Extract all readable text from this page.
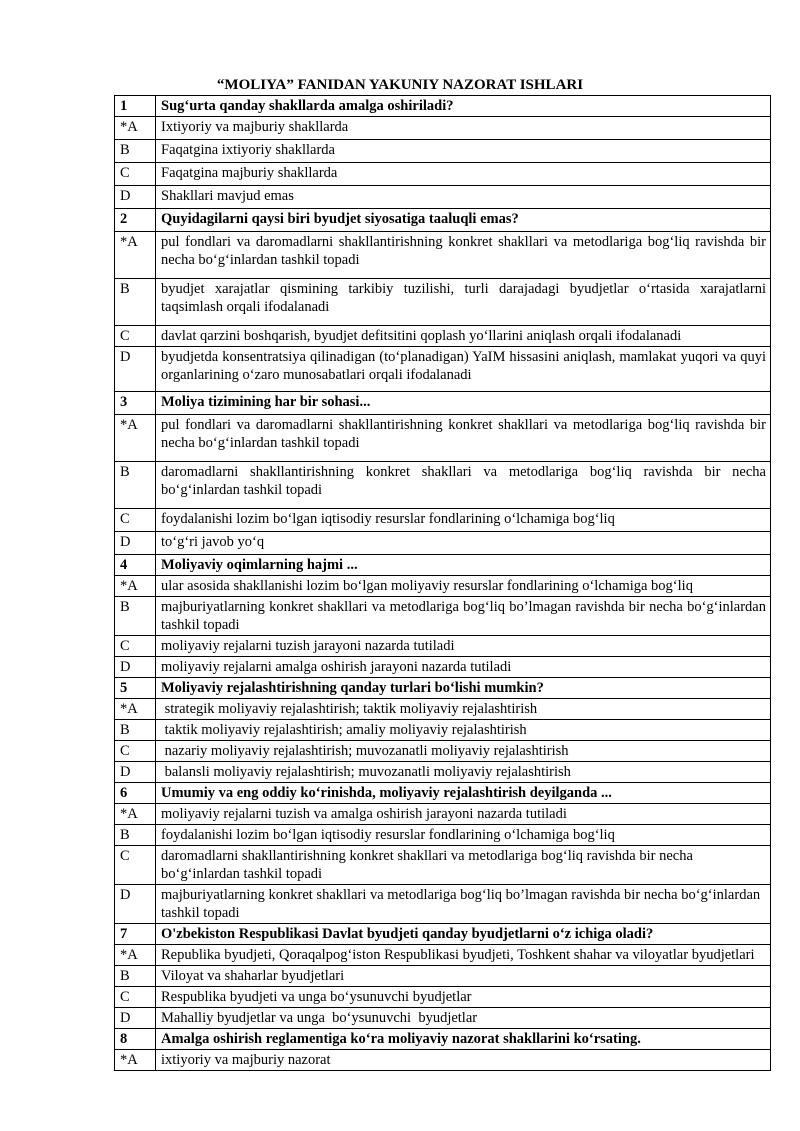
“MOLIYA” FANIDAN YAKUNIY NAZORAT ISHLARI
1	Sug‘urta qanday shakllarda amalga oshiriladi?
*A	Ixtiyoriy va majburiy shakllarda
B	Faqatgina ixtiyoriy shakllarda
C	Faqatgina majburiy shakllarda
D	Shakllari mavjud emas
2	Quyidagilarni qaysi biri byudjet siyosatiga taaluqli emas?
*A	pul fondlari va daromadlarni shakllantirishning konkret shakllari va metodlariga bog‘liq ravishda bir necha bo‘g‘inlardan tashkil topadi
B	byudjet xarajatlar qismining tarkibiy tuzilishi, turli darajadagi byudjetlar o‘rtasida xarajatlarni taqsimlash orqali ifodalanadi
C	davlat qarzini boshqarish, byudjet defitsitini qoplash yo‘llarini aniqlash orqali ifodalanadi
D	byudjetda konsentratsiya qilinadigan (to‘planadigan) YaIM hissasini aniqlash, mamlakat yuqori va quyi organlarining o‘zaro munosabatlari orqali ifodalanadi
3	Moliya tizimining har bir sohasi...
*A	pul fondlari va daromadlarni shakllantirishning konkret shakllari va metodlariga bog‘liq ravishda bir necha bo‘g‘inlardan tashkil topadi
B	daromadlarni shakllantirishning konkret shakllari va metodlariga bog‘liq ravishda bir necha bo‘g‘inlardan tashkil topadi
C	foydalanishi lozim bo‘lgan iqtisodiy resurslar fondlarining o‘lchamiga bog‘liq
D	to‘g‘ri javob yo‘q
4	Moliyaviy oqimlarning hajmi ...
*A	ular asosida shakllanishi lozim bo‘lgan moliyaviy resurslar fondlarining o‘lchamiga bog‘liq
B	majburiyatlarning konkret shakllari va metodlariga bog‘liq bo’lmagan ravishda bir necha bo‘g‘inlardan tashkil topadi
C	moliyaviy rejalarni tuzish jarayoni nazarda tutiladi
D	moliyaviy rejalarni amalga oshirish jarayoni nazarda tutiladi
5	Moliyaviy rejalashtirishning qanday turlari bo‘lishi mumkin?
*A	strategik moliyaviy rejalashtirish; taktik moliyaviy rejalashtirish
B	taktik moliyaviy rejalashtirish; amaliy moliyaviy rejalashtirish
C	nazariy moliyaviy rejalashtirish; muvozanatli moliyaviy rejalashtirish
D	balansli moliyaviy rejalashtirish; muvozanatli moliyaviy rejalashtirish
6	Umumiy va eng oddiy ko‘rinishda, moliyaviy rejalashtirish deyilganda ...
*A	moliyaviy rejalarni tuzish va amalga oshirish jarayoni nazarda tutiladi
B	foydalanishi lozim bo‘lgan iqtisodiy resurslar fondlarining o‘lchamiga bog‘liq
C	daromadlarni shakllantirishning konkret shakllari va metodlariga bog‘liq ravishda bir necha bo‘g‘inlardan tashkil topadi
D	majburiyatlarning konkret shakllari va metodlariga bog‘liq bo’lmagan ravishda bir necha bo‘g‘inlardan tashkil topadi
7	O'zbekiston Respublikasi Davlat byudjeti qanday byudjetlarni o‘z ichiga oladi?
*A	Republika byudjeti, Qoraqalpog‘iston Respublikasi byudjeti, Toshkent shahar va viloyatlar byudjetlari
B	Viloyat va shaharlar byudjetlari
C	Respublika byudjeti va unga bo‘ysunuvchi byudjetlar
D	Mahalliy byudjetlar va unga  bo‘ysunuvchi  byudjetlar
8	Amalga oshirish reglamentiga ko‘ra moliyaviy nazorat shakllarini ko‘rsating.
*A	ixtiyoriy va majburiy nazorat
